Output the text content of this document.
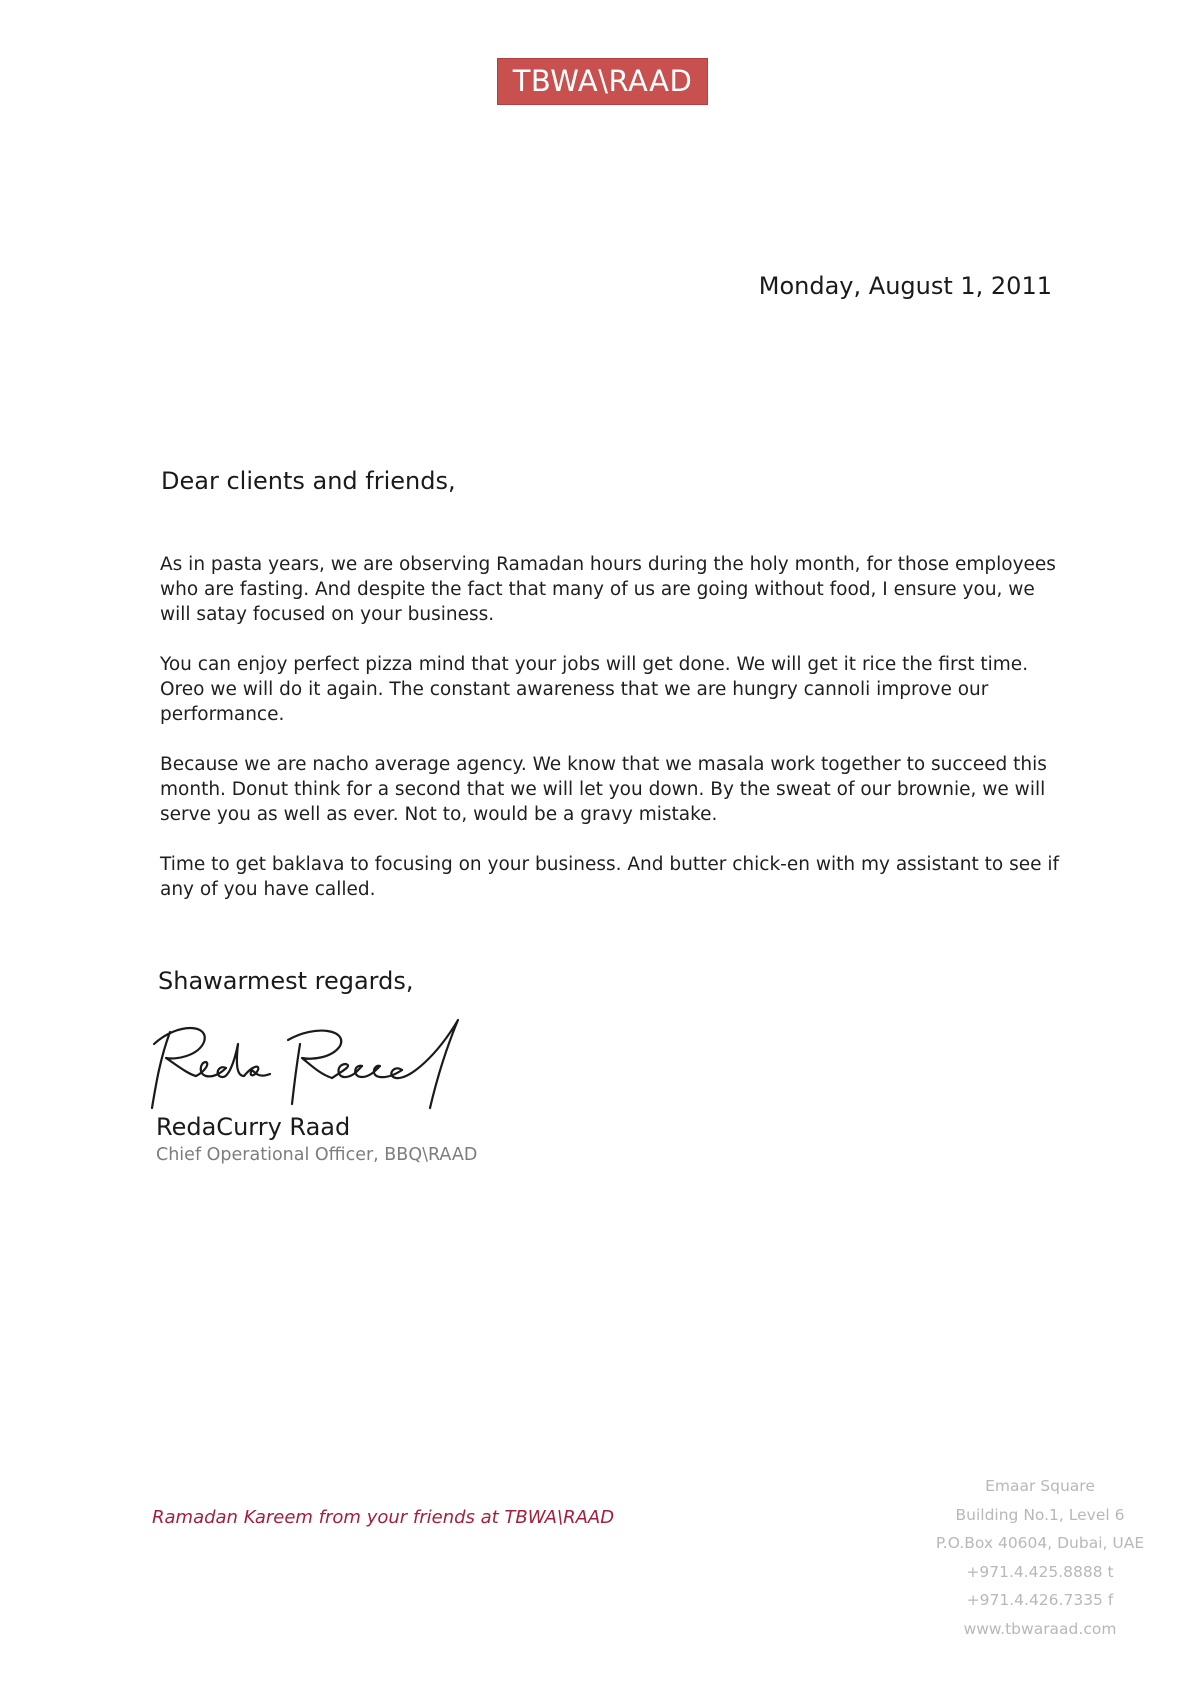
TBWA\RAAD
Monday, August 1, 2011
Dear clients and friends,

As in pasta years, we are observing Ramadan hours during the holy month, for those employees who are fasting. And despite the fact that many of us are going without food, I ensure you, we will satay focused on your business.

You can enjoy perfect pizza mind that your jobs will get done. We will get it rice the first time. Oreo we will do it again. The constant awareness that we are hungry cannoli improve our performance.

Because we are nacho average agency. We know that we masala work together to succeed this month. Donut think for a second that we will let you down. By the sweat of our brownie, we will serve you as well as ever. Not to, would be a gravy mistake.

Time to get baklava to focusing on your business. And butter chick-en with my assistant to see if any of you have called.

Shawarmest regards,
RedaCurry Raad
Chief Operational Officer, BBQ\RAAD
Ramadan Kareem from your friends at TBWA\RAAD
Emaar Square
Building No.1, Level 6
P.O.Box 40604, Dubai, UAE
+971.4.425.8888 t
+971.4.426.7335 f
www.tbwaraad.com
